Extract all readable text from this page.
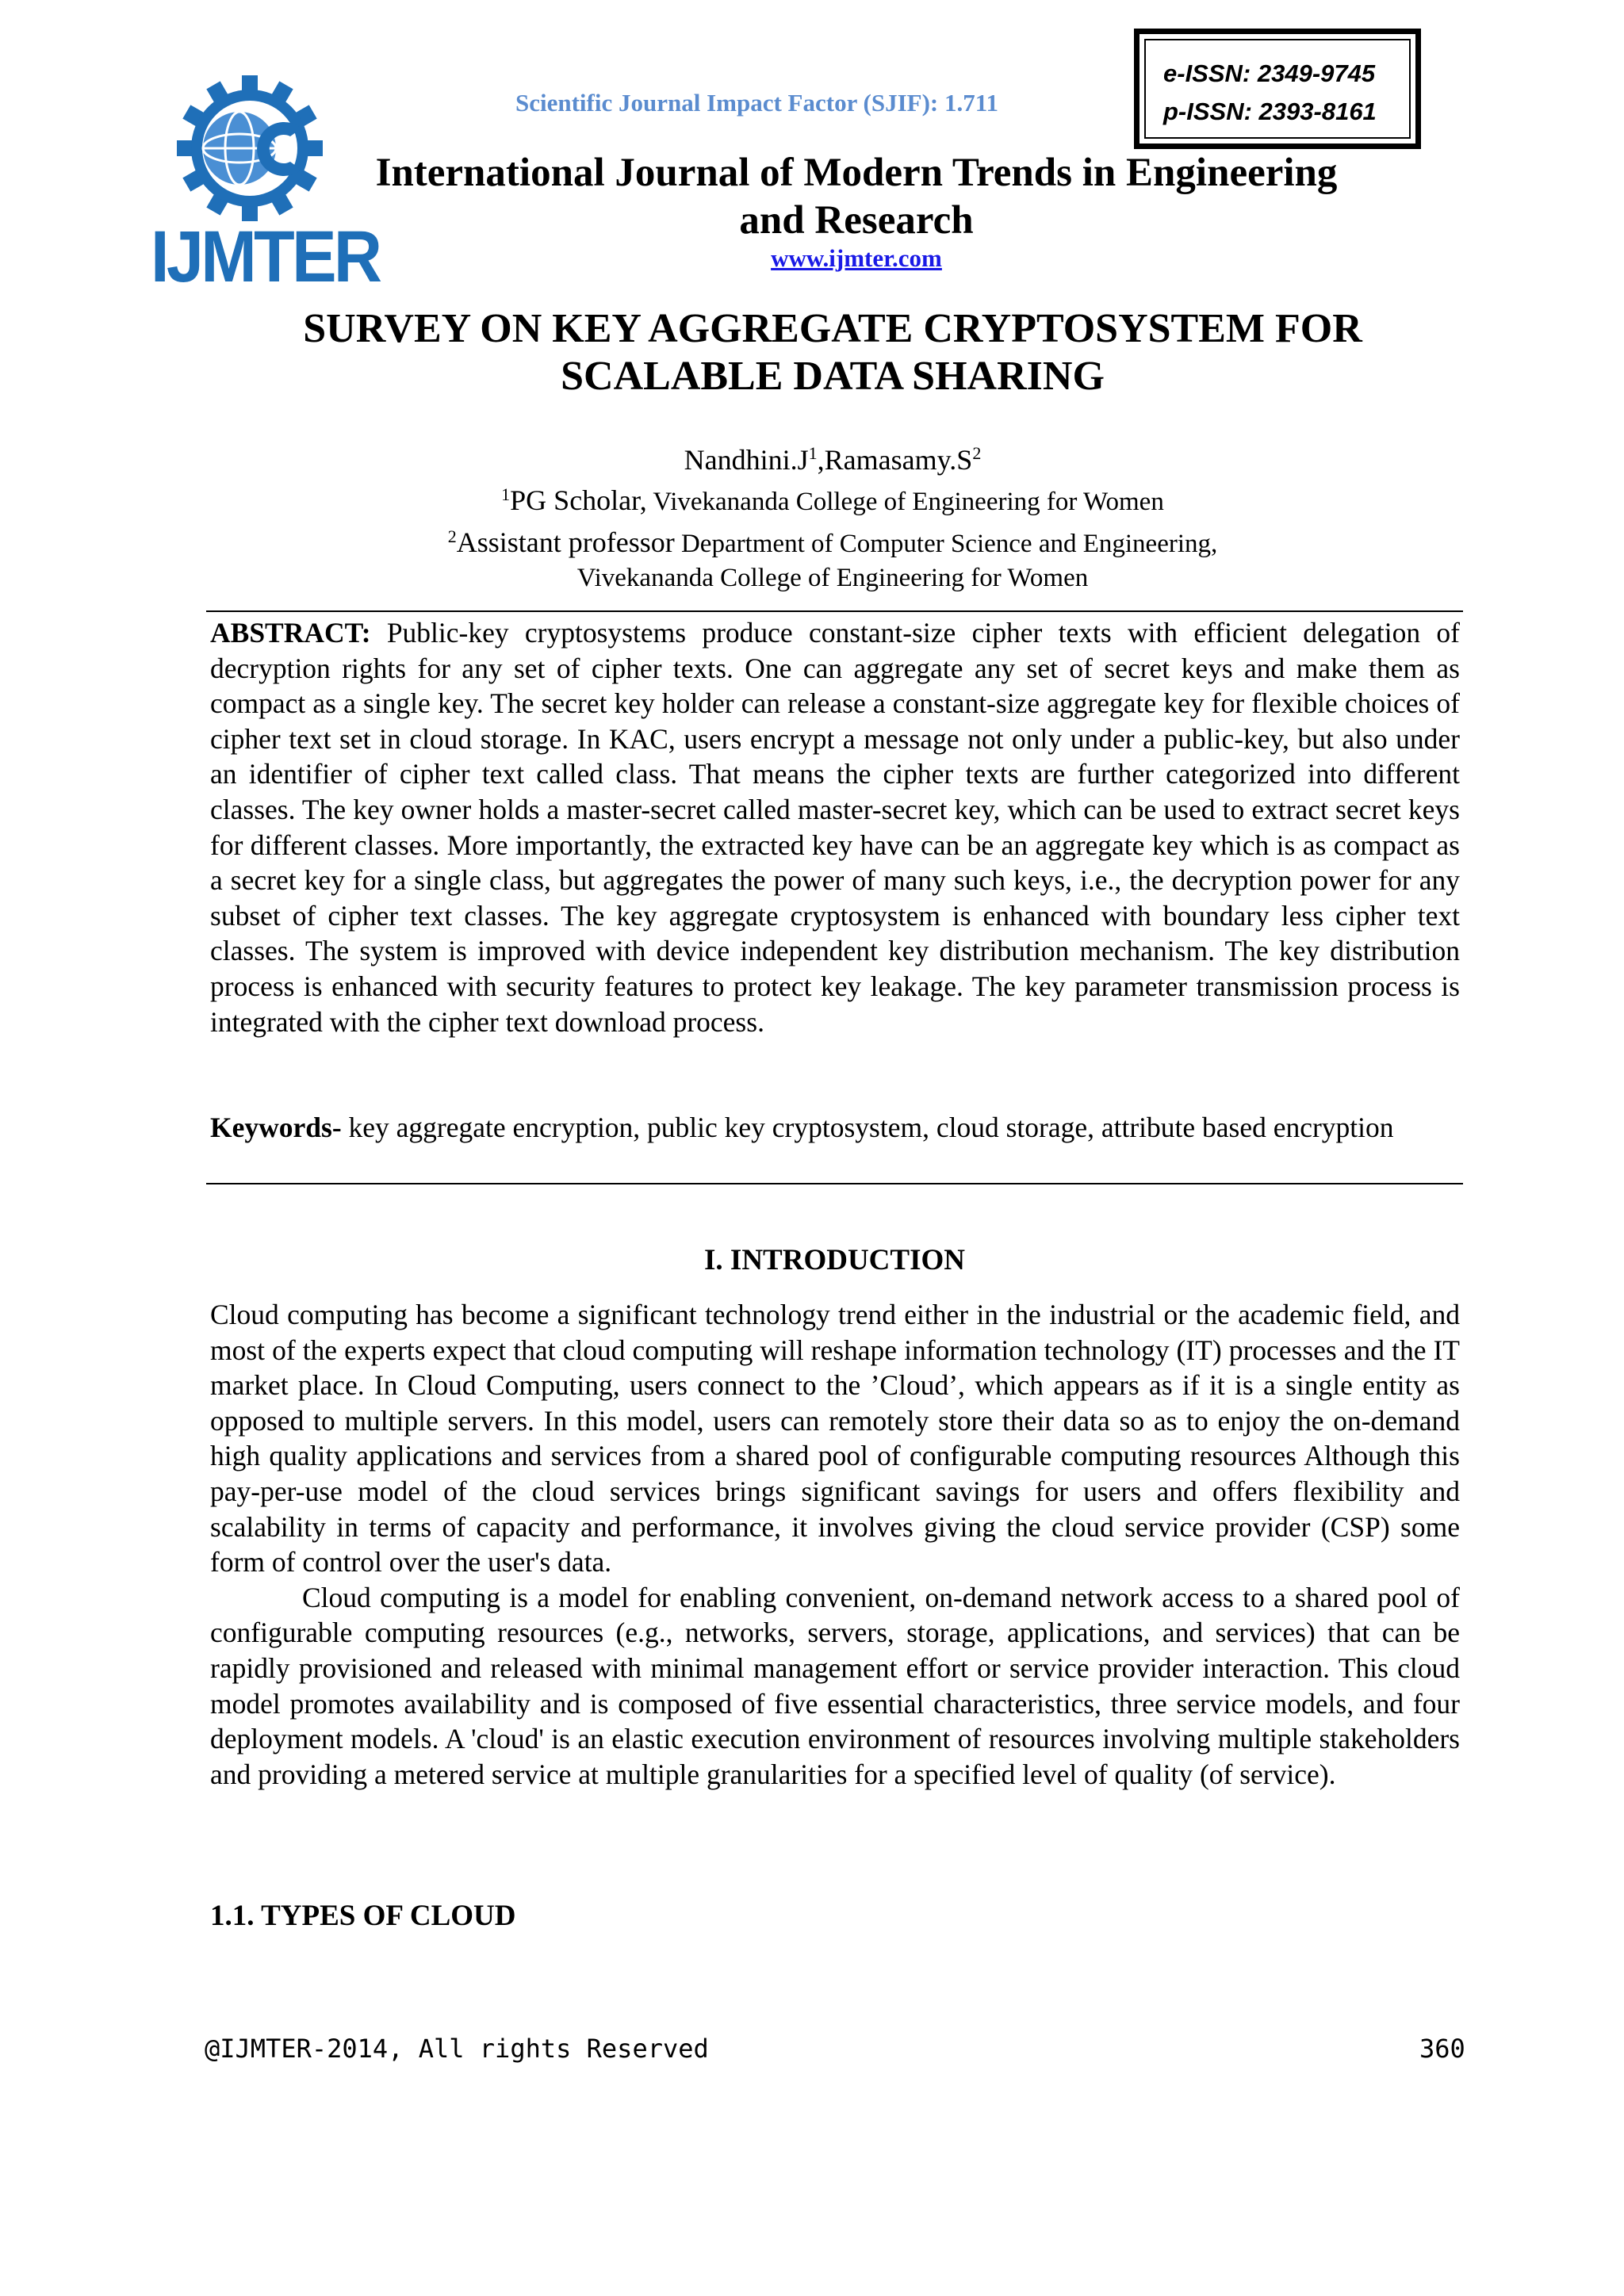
IJMTER
Scientific Journal Impact Factor (SJIF): 1.711
e-ISSN: 2349-9745
p-ISSN: 2393-8161
International Journal of Modern Trends in Engineering
and Research
www.ijmter.com
SURVEY ON KEY AGGREGATE CRYPTOSYSTEM FOR
SCALABLE DATA SHARING
$Nandhini.J^1,Ramasamy.S^2$
$^1$PG Scholar, Vivekananda College of Engineering for Women
$^2$Assistant professor Department of Computer Science and Engineering,
Vivekananda College of Engineering for Women

ABSTRACT: Public-key cryptosystems produce constant-size cipher texts with efficient delegation of decryption rights for any set of cipher texts. One can aggregate any set of secret keys and make them as compact as a single key. The secret key holder can release a constant-size aggregate key for flexible choices of cipher text set in cloud storage. In KAC, users encrypt a message not only under a public-key, but also under an identifier of cipher text called class. That means the cipher texts are further categorized into different classes. The key owner holds a master-secret called master-secret key, which can be used to extract secret keys for different classes. More importantly, the extracted key have can be an aggregate key which is as compact as a secret key for a single class, but aggregates the power of many such keys, i.e., the decryption power for any subset of cipher text classes. The key aggregate cryptosystem is enhanced with boundary less cipher text classes. The system is improved with device independent key distribution mechanism. The key distribution process is enhanced with security features to protect key leakage. The key parameter transmission process is integrated with the cipher text download process.

Keywords- key aggregate encryption, public key cryptosystem, cloud storage, attribute based encryption

I. INTRODUCTION

Cloud computing has become a significant technology trend either in the industrial or the academic field, and most of the experts expect that cloud computing will reshape information technology (IT) processes and the IT market place. In Cloud Computing, users connect to the ’Cloud’, which appears as if it is a single entity as opposed to multiple servers. In this model, users can remotely store their data so as to enjoy the on-demand high quality applications and services from a shared pool of configurable computing resources Although this pay-per-use model of the cloud services brings significant savings for users and offers flexibility and scalability in terms of capacity and performance, it involves giving the cloud service provider (CSP) some form of control over the user's data.

Cloud computing is a model for enabling convenient, on-demand network access to a shared pool of configurable computing resources (e.g., networks, servers, storage, applications, and services) that can be rapidly provisioned and released with minimal management effort or service provider interaction. This cloud model promotes availability and is composed of five essential characteristics, three service models, and four deployment models. A 'cloud' is an elastic execution environment of resources involving multiple stakeholders and providing a metered service at multiple granularities for a specified level of quality (of service).

1.1. TYPES OF CLOUD
@IJMTER-2014, All rights Reserved	360
